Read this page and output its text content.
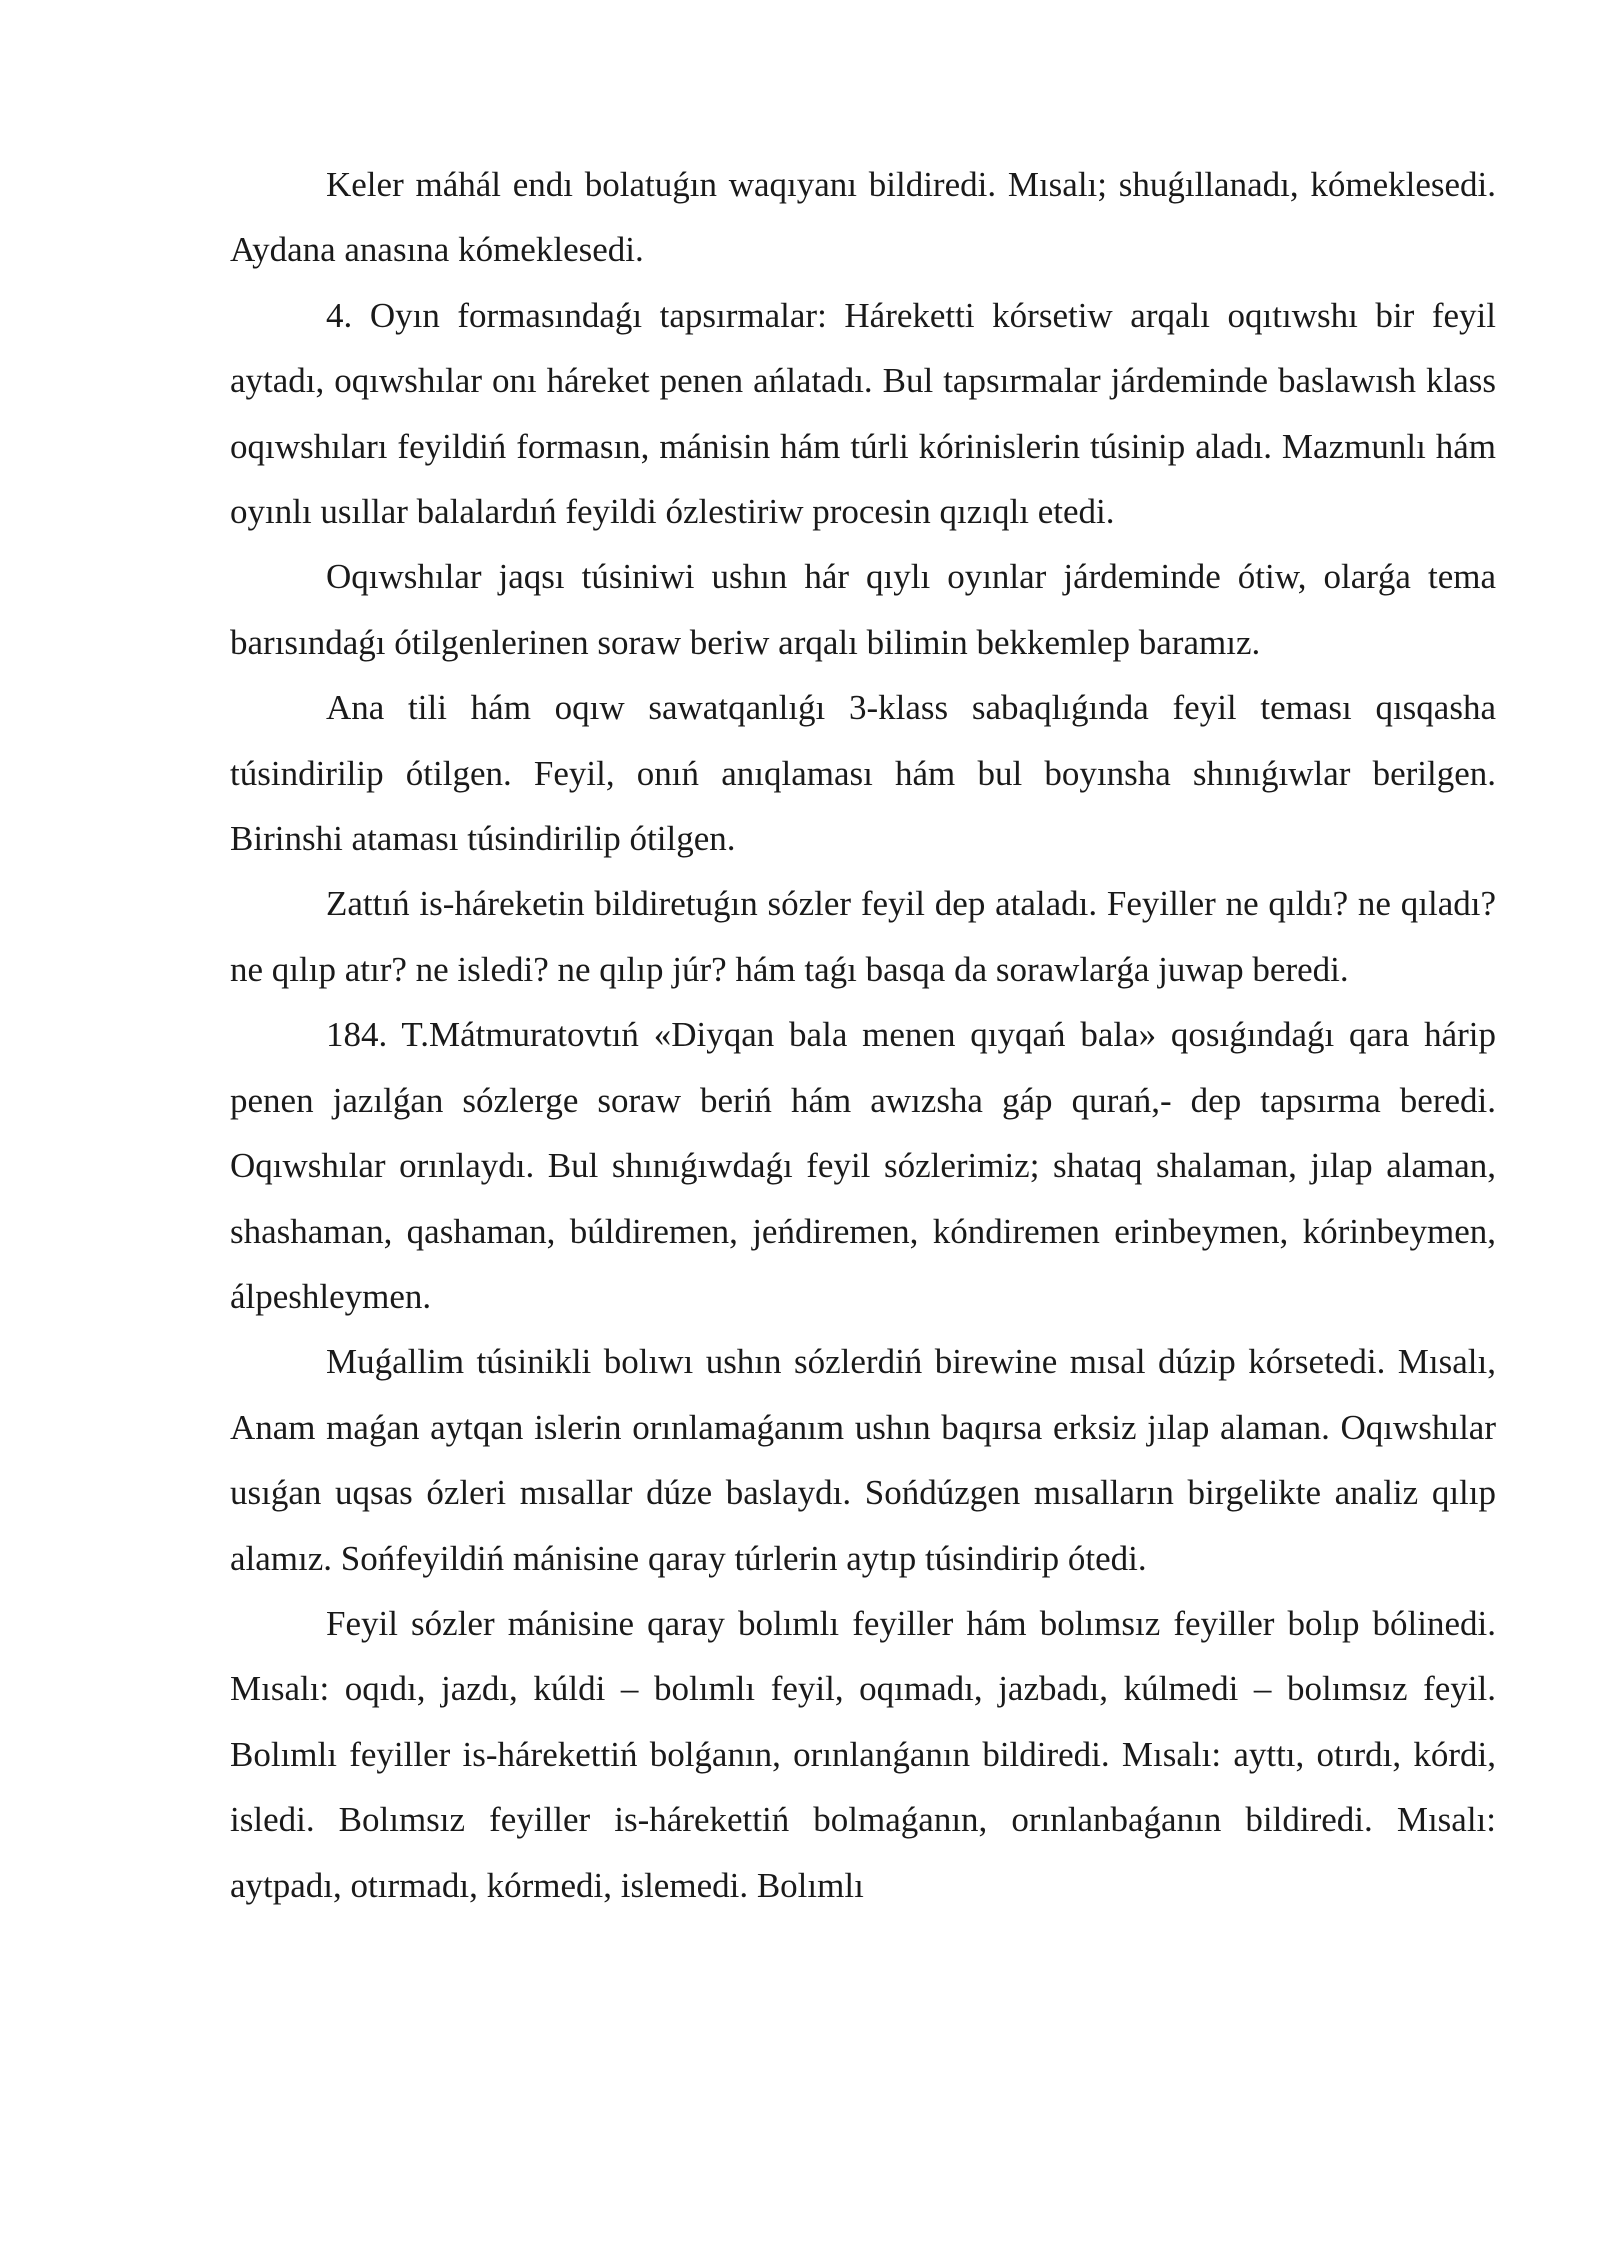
Keler máhál endı bolatuǵın waqıyanı bildiredi. Mısalı; shuǵıllanadı, kómeklesedi. Aydana anasına kómeklesedi.

4. Oyın formasındaǵı tapsırmalar: Háreketti kórsetiw arqalı oqıtıwshı bir feyil aytadı, oqıwshılar onı háreket penen ańlatadı. Bul tapsırmalar járdeminde baslawısh klass oqıwshıları feyildiń formasın, mánisin hám túrli kórinislerin túsinip aladı. Mazmunlı hám oyınlı usıllar balalardıń feyildi ózlestiriw procesin qızıqlı etedi.

Oqıwshılar jaqsı túsiniwi ushın hár qıylı oyınlar járdeminde ótiw, olarǵa tema barısındaǵı ótilgenlerinen soraw beriw arqalı bilimin bekkemlep baramız.

Ana tili hám oqıw sawatqanlıǵı 3-klass sabaqlıǵında feyil teması qısqasha túsindirilip ótilgen. Feyil, onıń anıqlaması hám bul boyınsha shınıǵıwlar berilgen. Birinshi ataması túsindirilip ótilgen.

Zattıń is-háreketin bildiretuǵın sózler feyil dep ataladı. Feyiller ne qıldı? ne qıladı? ne qılıp atır? ne isledi? ne qılıp júr? hám taǵı basqa da sorawlarǵa juwap beredi.

184. T.Mátmuratovtıń «Diyqan bala menen qıyqań bala» qosıǵındaǵı qara hárip penen jazılǵan sózlerge soraw beriń hám awızsha gáp qurań,- dep tapsırma beredi. Oqıwshılar orınlaydı. Bul shınıǵıwdaǵı feyil sózlerimiz; shataq shalaman, jılap alaman, shashaman, qashaman, búldiremen, jeńdiremen, kóndiremen erinbeymen, kórinbeymen, álpeshleymen.

Muǵallim túsinikli bolıwı ushın sózlerdiń birewine mısal dúzip kórsetedi. Mısalı, Anam maǵan aytqan islerin orınlamaǵanım ushın baqırsa erksiz jılap alaman. Oqıwshılar usıǵan uqsas ózleri mısallar dúze baslaydı. Sońdúzgen mısalların birgelikte analiz qılıp alamız. Sońfeyildiń mánisine qaray túrlerin aytıp túsindirip ótedi.

Feyil sózler mánisine qaray bolımlı feyiller hám bolımsız feyiller bolıp bólinedi. Mısalı: oqıdı, jazdı, kúldi – bolımlı feyil, oqımadı, jazbadı, kúlmedi – bolımsız feyil. Bolımlı feyiller is-hárekettiń bolǵanın, orınlanǵanın bildiredi. Mısalı: ayttı, otırdı, kórdi, isledi. Bolımsız feyiller is-hárekettiń bolmaǵanın, orınlanbaǵanın bildiredi. Mısalı: aytpadı, otırmadı, kórmedi, islemedi. Bolımlı
